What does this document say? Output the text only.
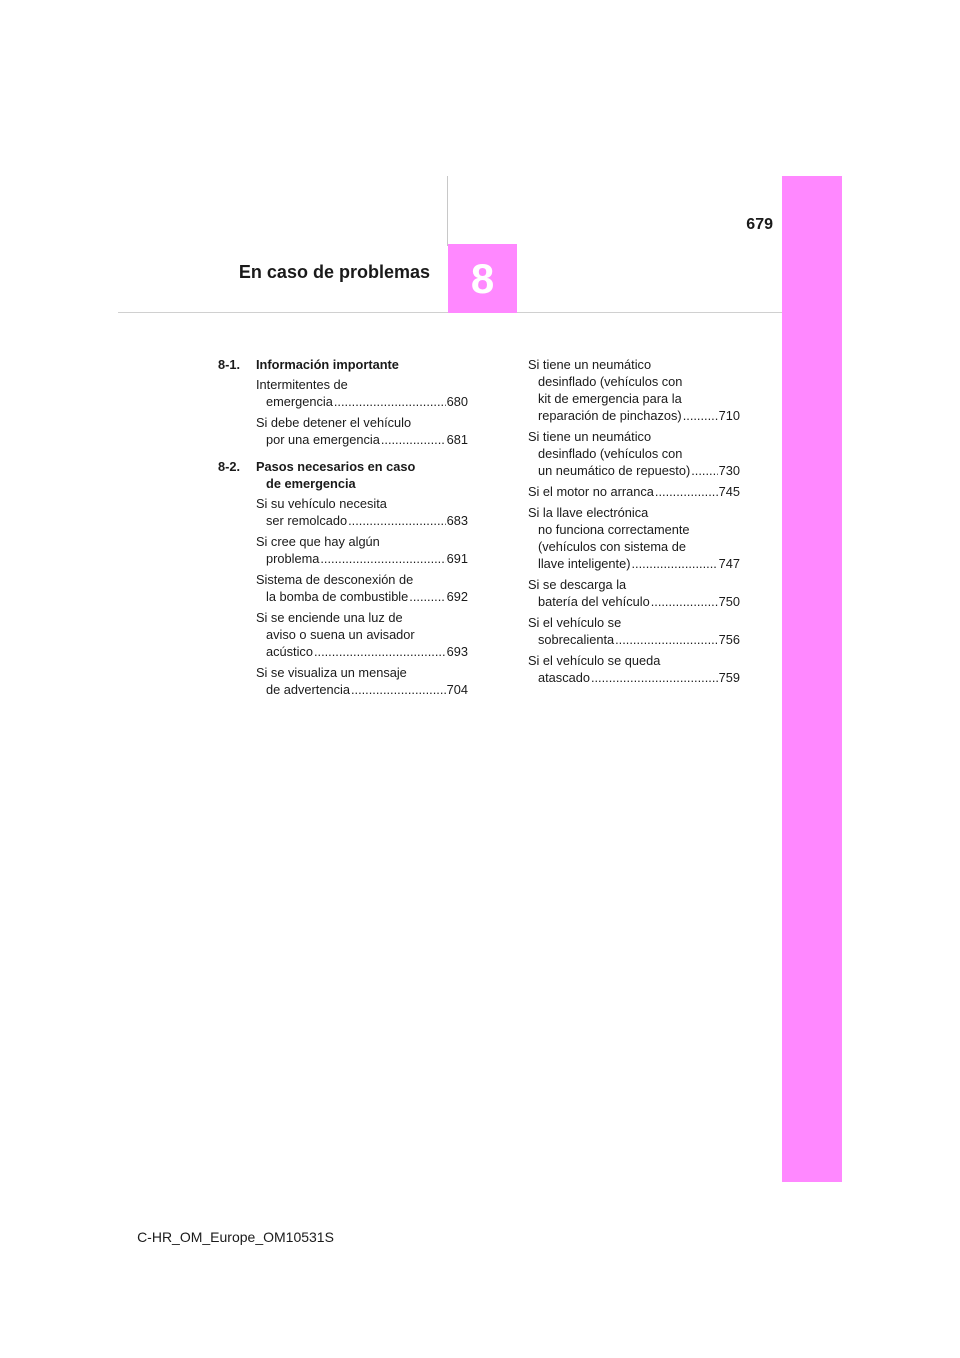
679
En caso de problemas 8
8-1.	Información importante
Intermitentes de
emergencia .....	680
Si debe detener el vehículo
por una emergencia .....	681
8-2.	Pasos necesarios en caso
de emergencia
Si su vehículo necesita
ser remolcado .....	683
Si cree que hay algún
problema .....	691
Sistema de desconexión de
la bomba de combustible .....	692
Si se enciende una luz de
aviso o suena un avisador
acústico .....	693
Si se visualiza un mensaje
de advertencia .....	704
Si tiene un neumático
desinflado (vehículos con
kit de emergencia para la
reparación de pinchazos) .....	710
Si tiene un neumático
desinflado (vehículos con
un neumático de repuesto) ..... 730
Si el motor no arranca .....	745
Si la llave electrónica
no funciona correctamente
(vehículos con sistema de
llave inteligente) .....	747
Si se descarga la
batería del vehículo .....	750
Si el vehículo se
sobrecalienta .....	756
Si el vehículo se queda
atascado .....	759
C-HR_OM_Europe_OM10531S
